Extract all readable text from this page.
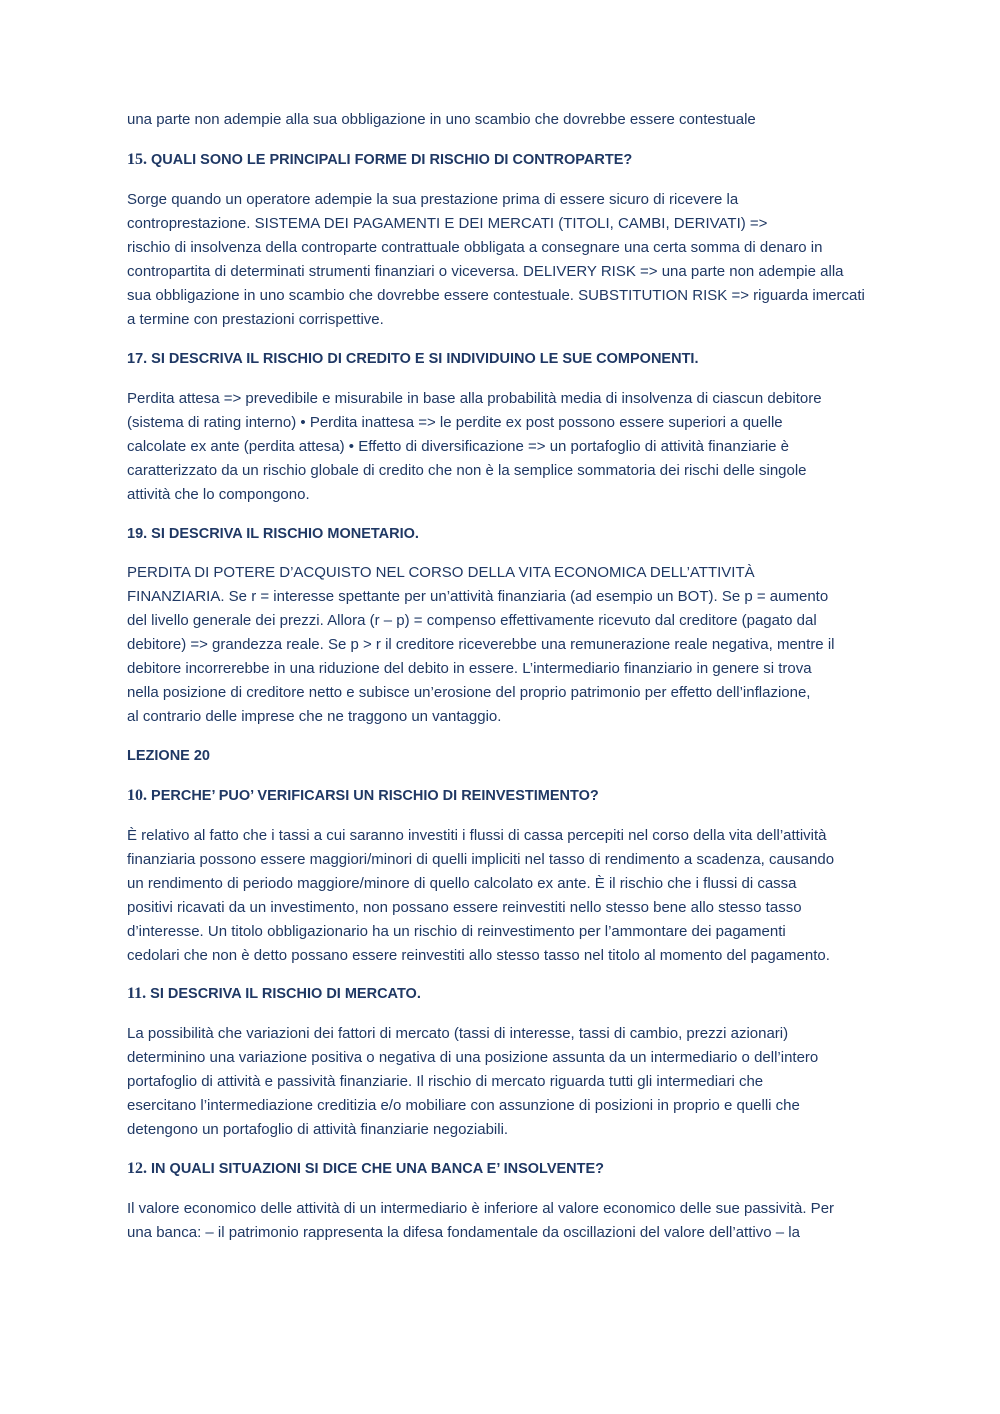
una parte non adempie alla sua obbligazione in uno scambio che dovrebbe essere contestuale
15. QUALI SONO LE PRINCIPALI FORME DI RISCHIO DI CONTROPARTE?
Sorge quando un operatore adempie la sua prestazione prima di essere sicuro di ricevere la
controprestazione. SISTEMA DEI PAGAMENTI E DEI MERCATI (TITOLI, CAMBI, DERIVATI) =>
rischio di insolvenza della controparte contrattuale obbligata a consegnare una certa somma di denaro in
contropartita di determinati strumenti finanziari o viceversa. DELIVERY RISK => una parte non adempie alla
sua obbligazione in uno scambio che dovrebbe essere contestuale. SUBSTITUTION RISK => riguarda imercati
a termine con prestazioni corrispettive.
17. SI DESCRIVA IL RISCHIO DI CREDITO E SI INDIVIDUINO LE SUE COMPONENTI.
Perdita attesa => prevedibile e misurabile in base alla probabilità media di insolvenza di ciascun debitore
(sistema di rating interno) • Perdita inattesa => le perdite ex post possono essere superiori a quelle
calcolate ex ante (perdita attesa) • Effetto di diversificazione => un portafoglio di attività finanziarie è
caratterizzato da un rischio globale di credito che non è la semplice sommatoria dei rischi delle singole
attività che lo compongono.
19. SI DESCRIVA IL RISCHIO MONETARIO.
PERDITA DI POTERE D’ACQUISTO NEL CORSO DELLA VITA ECONOMICA DELL’ATTIVITÀ
FINANZIARIA. Se r = interesse spettante per un’attività finanziaria (ad esempio un BOT). Se p = aumento
del livello generale dei prezzi. Allora (r – p) = compenso effettivamente ricevuto dal creditore (pagato dal
debitore) => grandezza reale. Se p > r il creditore riceverebbe una remunerazione reale negativa, mentre il
debitore incorrerebbe in una riduzione del debito in essere. L’intermediario finanziario in genere si trova
nella posizione di creditore netto e subisce un’erosione del proprio patrimonio per effetto dell’inflazione,
al contrario delle imprese che ne traggono un vantaggio.
LEZIONE 20
10. PERCHE’ PUO’ VERIFICARSI UN RISCHIO DI REINVESTIMENTO?
È relativo al fatto che i tassi a cui saranno investiti i flussi di cassa percepiti nel corso della vita dell’attività
finanziaria possono essere maggiori/minori di quelli impliciti nel tasso di rendimento a scadenza, causando
un rendimento di periodo maggiore/minore di quello calcolato ex ante. È il rischio che i flussi di cassa
positivi ricavati da un investimento, non possano essere reinvestiti nello stesso bene allo stesso tasso
d’interesse. Un titolo obbligazionario ha un rischio di reinvestimento per l’ammontare dei pagamenti
cedolari che non è detto possano essere reinvestiti allo stesso tasso nel titolo al momento del pagamento.
11. SI DESCRIVA IL RISCHIO DI MERCATO.
La possibilità che variazioni dei fattori di mercato (tassi di interesse, tassi di cambio, prezzi azionari)
determinino una variazione positiva o negativa di una posizione assunta da un intermediario o dell’intero
portafoglio di attività e passività finanziarie. Il rischio di mercato riguarda tutti gli intermediari che
esercitano l’intermediazione creditizia e/o mobiliare con assunzione di posizioni in proprio e quelli che
detengono un portafoglio di attività finanziarie negoziabili.
12. IN QUALI SITUAZIONI SI DICE CHE UNA BANCA E’ INSOLVENTE?
Il valore economico delle attività di un intermediario è inferiore al valore economico delle sue passività. Per
una banca: – il patrimonio rappresenta la difesa fondamentale da oscillazioni del valore dell’attivo – la
